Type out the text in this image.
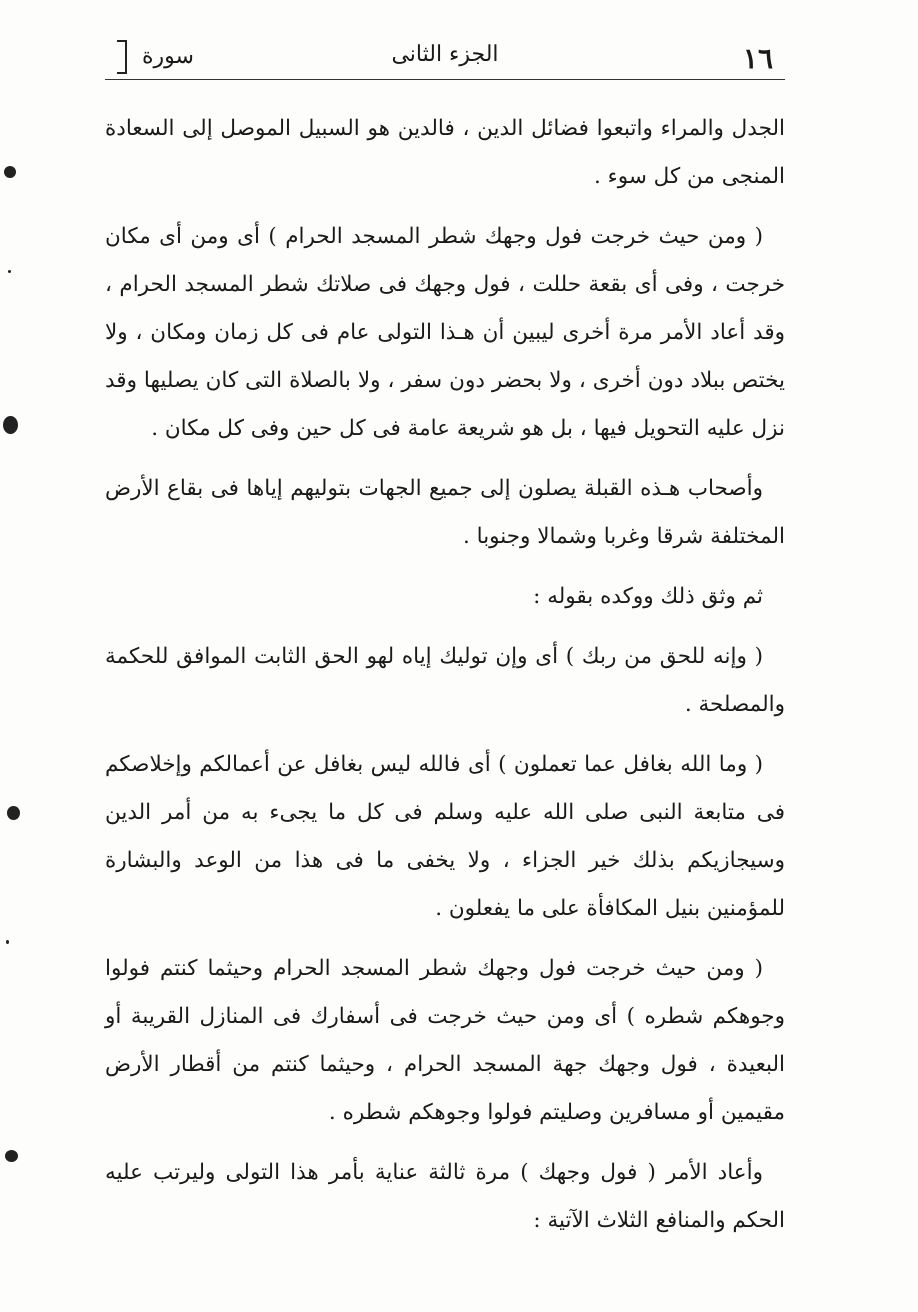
١٦
الجزء الثانى
سورة

الجدل والمراء واتبعوا فضائل الدين ، فالدين هو السبيل الموصل إلى السعادة المنجى من كل سوء .

( ومن حيث خرجت فول وجهك شطر المسجد الحرام ) أى ومن أى مكان خرجت ، وفى أى بقعة حللت ، فول وجهك فى صلاتك شطر المسجد الحرام ، وقد أعاد الأمر مرة أخرى ليبين أن هـذا التولى عام فى كل زمان ومكان ، ولا يختص ببلاد دون أخرى ، ولا بحضر دون سفر ، ولا بالصلاة التى كان يصليها وقد نزل عليه التحويل فيها ، بل هو شريعة عامة فى كل حين وفى كل مكان .

وأصحاب هـذه القبلة يصلون إلى جميع الجهات بتوليهم إياها فى بقاع الأرض المختلفة شرقا وغربا وشمالا وجنوبا .

ثم وثق ذلك ووكده بقوله :

( وإنه للحق من ربك ) أى وإن توليك إياه لهو الحق الثابت الموافق للحكمة والمصلحة .

( وما الله بغافل عما تعملون ) أى فالله ليس بغافل عن أعمالكم وإخلاصكم فى متابعة النبى صلى الله عليه وسلم فى كل ما يجىء به من أمر الدين وسيجازيكم بذلك خير الجزاء ، ولا يخفى ما فى هذا من الوعد والبشارة للمؤمنين بنيل المكافأة على ما يفعلون .

( ومن حيث خرجت فول وجهك شطر المسجد الحرام وحيثما كنتم فولوا وجوهكم شطره ) أى ومن حيث خرجت فى أسفارك فى المنازل القريبة أو البعيدة ، فول وجهك جهة المسجد الحرام ، وحيثما كنتم من أقطار الأرض مقيمين أو مسافرين وصليتم فولوا وجوهكم شطره .

وأعاد الأمر ( فول وجهك ) مرة ثالثة عناية بأمر هذا التولى وليرتب عليه الحكم والمنافع الثلاث الآتية :
